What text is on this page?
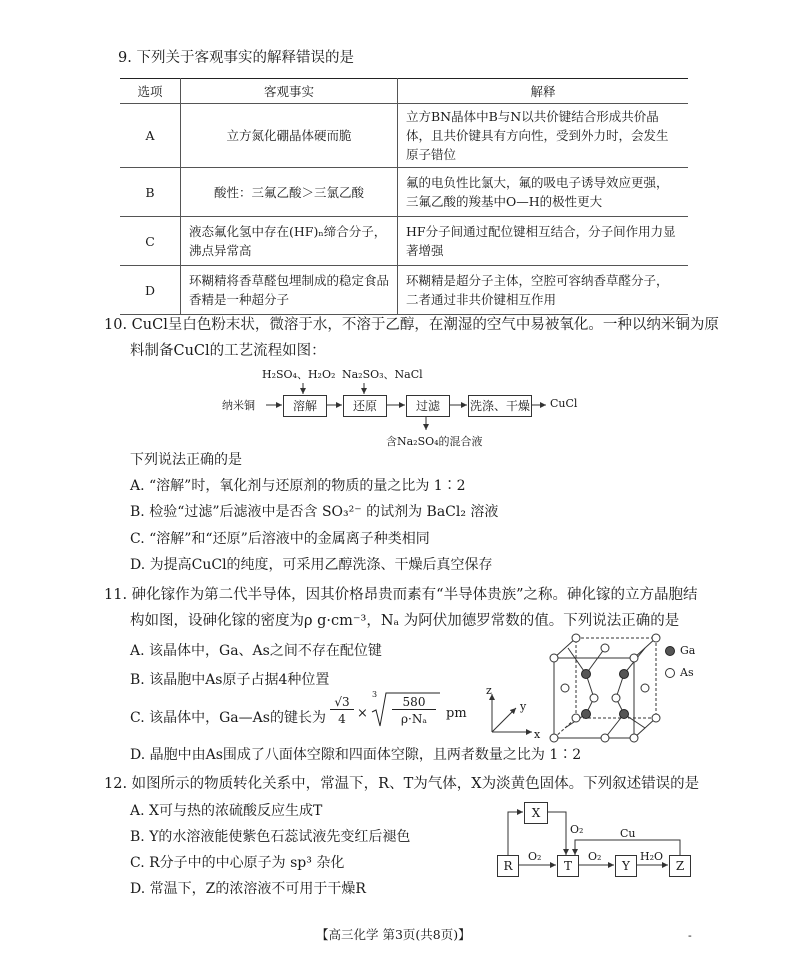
9. 下列关于客观事实的解释错误的是
选项	客观事实	解释
A	立方氮化硼晶体硬而脆	立方BN晶体中B与N以共价键结合形成共价晶体，且共价键具有方向性，受到外力时，会发生原子错位
B	酸性：三氟乙酸＞三氯乙酸	氟的电负性比氯大，氟的吸电子诱导效应更强，三氟乙酸的羧基中O—H的极性更大
C	液态氟化氢中存在(HF)ₙ缔合分子，沸点异常高	HF分子间通过配位键相互结合，分子间作用力显著增强
D	环糊精将香草醛包埋制成的稳定食品香精是一种超分子	环糊精是超分子主体，空腔可容纳香草醛分子，二者通过非共价键相互作用
10. CuCl呈白色粉末状，微溶于水，不溶于乙醇，在潮湿的空气中易被氧化。一种以纳米铜为原
料制备CuCl的工艺流程如图：
纳米铜	溶解	还原	过滤	洗涤、干燥 CuCl
H₂SO₄、H₂O₂ Na₂SO₃、NaCl
含Na₂SO₄的混合液
下列说法正确的是
A. “溶解”时，氧化剂与还原剂的物质的量之比为 1∶2
B. 检验“过滤”后滤液中是否含 SO₃²⁻ 的试剂为 BaCl₂ 溶液
C. “溶解”和“还原”后溶液中的金属离子种类相同
D. 为提高CuCl的纯度，可采用乙醇洗涤、干燥后真空保存
11. 砷化镓作为第二代半导体，因其价格昂贵而素有“半导体贵族”之称。砷化镓的立方晶胞结
构如图，设砷化镓的密度为ρ g·cm⁻³，Nₐ 为阿伏加德罗常数的值。下列说法正确的是
A. 该晶体中，Ga、As之间不存在配位键
B. 该晶胞中As原子占据4种位置
C. 该晶体中，Ga—As的键长为
√3
4 ×
3
580
ρ·Nₐ	pm
D. 晶胞中由As围成了八面体空隙和四面体空隙，且两者数量之比为 1∶2
z
y
x
Ga
As
12. 如图所示的物质转化关系中，常温下，R、T为气体，X为淡黄色固体。下列叙述错误的是
A. X可与热的浓硫酸反应生成T
B. Y的水溶液能使紫色石蕊试液先变红后褪色
C. R分子中的中心原子为 sp³ 杂化
D. 常温下，Z的浓溶液不可用于干燥R
X
R	T	Y	Z
O₂
O₂	O₂	H₂O
Cu
【高三化学 第3页(共8页)】	-
